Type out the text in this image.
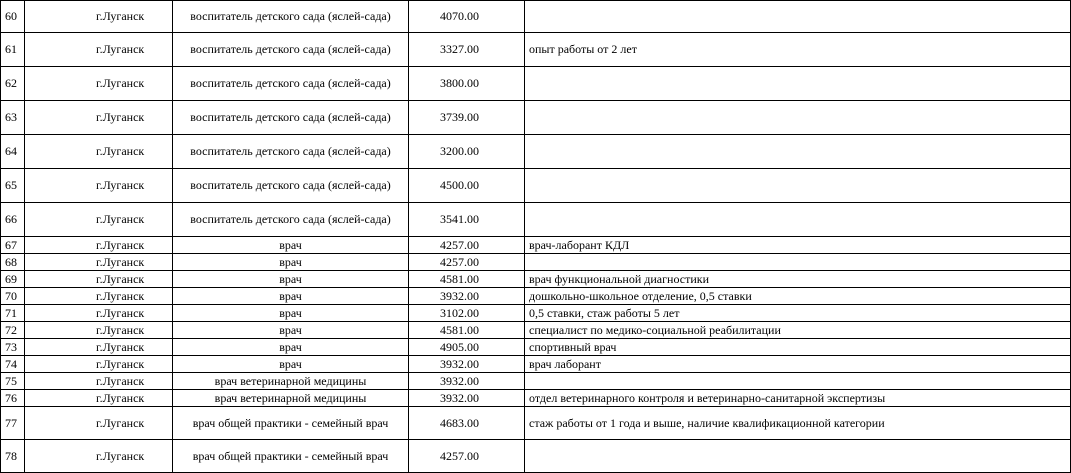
60	г.Луганск	воспитатель детского сада (яслей-сада)	4070.00	
61	г.Луганск	воспитатель детского сада (яслей-сада)	3327.00	опыт работы от 2 лет
62	г.Луганск	воспитатель детского сада (яслей-сада)	3800.00	
63	г.Луганск	воспитатель детского сада (яслей-сада)	3739.00	
64	г.Луганск	воспитатель детского сада (яслей-сада)	3200.00	
65	г.Луганск	воспитатель детского сада (яслей-сада)	4500.00	
66	г.Луганск	воспитатель детского сада (яслей-сада)	3541.00	
67	г.Луганск	врач	4257.00	врач-лаборант КДЛ
68	г.Луганск	врач	4257.00	
69	г.Луганск	врач	4581.00	врач функциональной диагностики
70	г.Луганск	врач	3932.00	дошкольно-школьное отделение, 0,5 ставки
71	г.Луганск	врач	3102.00	0,5 ставки, стаж работы 5 лет
72	г.Луганск	врач	4581.00	специалист по медико-социальной реабилитации
73	г.Луганск	врач	4905.00	спортивный врач
74	г.Луганск	врач	3932.00	врач лаборант
75	г.Луганск	врач ветеринарной медицины	3932.00	
76	г.Луганск	врач ветеринарной медицины	3932.00	отдел ветеринарного контроля и ветеринарно-санитарной экспертизы
77	г.Луганск	врач общей практики - семейный врач	4683.00	стаж работы от 1 года и выше, наличие квалификационной категории
78	г.Луганск	врач общей практики - семейный врач	4257.00	
